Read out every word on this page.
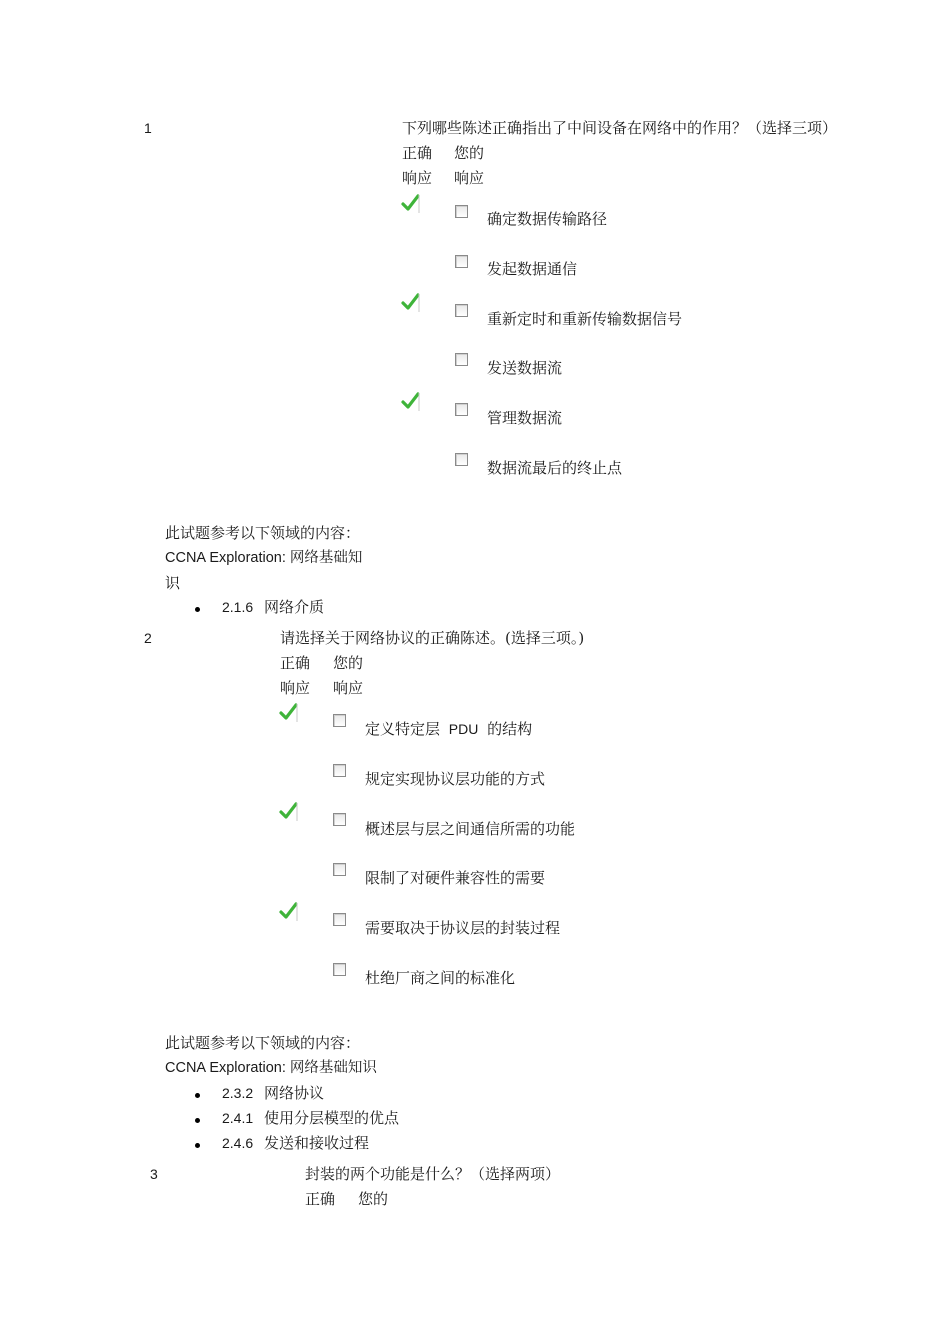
1	下列哪些陈述正确指出了中间设备在网络中的作用？（选择三项）
正确 您的
响应 响应
确定数据传输路径
发起数据通信
重新定时和重新传输数据信号
发送数据流
管理数据流
数据流最后的终止点
此试题参考以下领域的内容：
CCNA Exploration: 网络基础知
识
2.1.6 网络介质
2	请选择关于网络协议的正确陈述。(选择三项。)
正确 您的
响应 响应
定义特定层 PDU 的结构
规定实现协议层功能的方式
概述层与层之间通信所需的功能
限制了对硬件兼容性的需要
需要取决于协议层的封装过程
杜绝厂商之间的标准化
此试题参考以下领域的内容：
CCNA Exploration: 网络基础知识
2.3.2 网络协议
2.4.1 使用分层模型的优点
2.4.6 发送和接收过程
3	封装的两个功能是什么？（选择两项）
正确 您的
